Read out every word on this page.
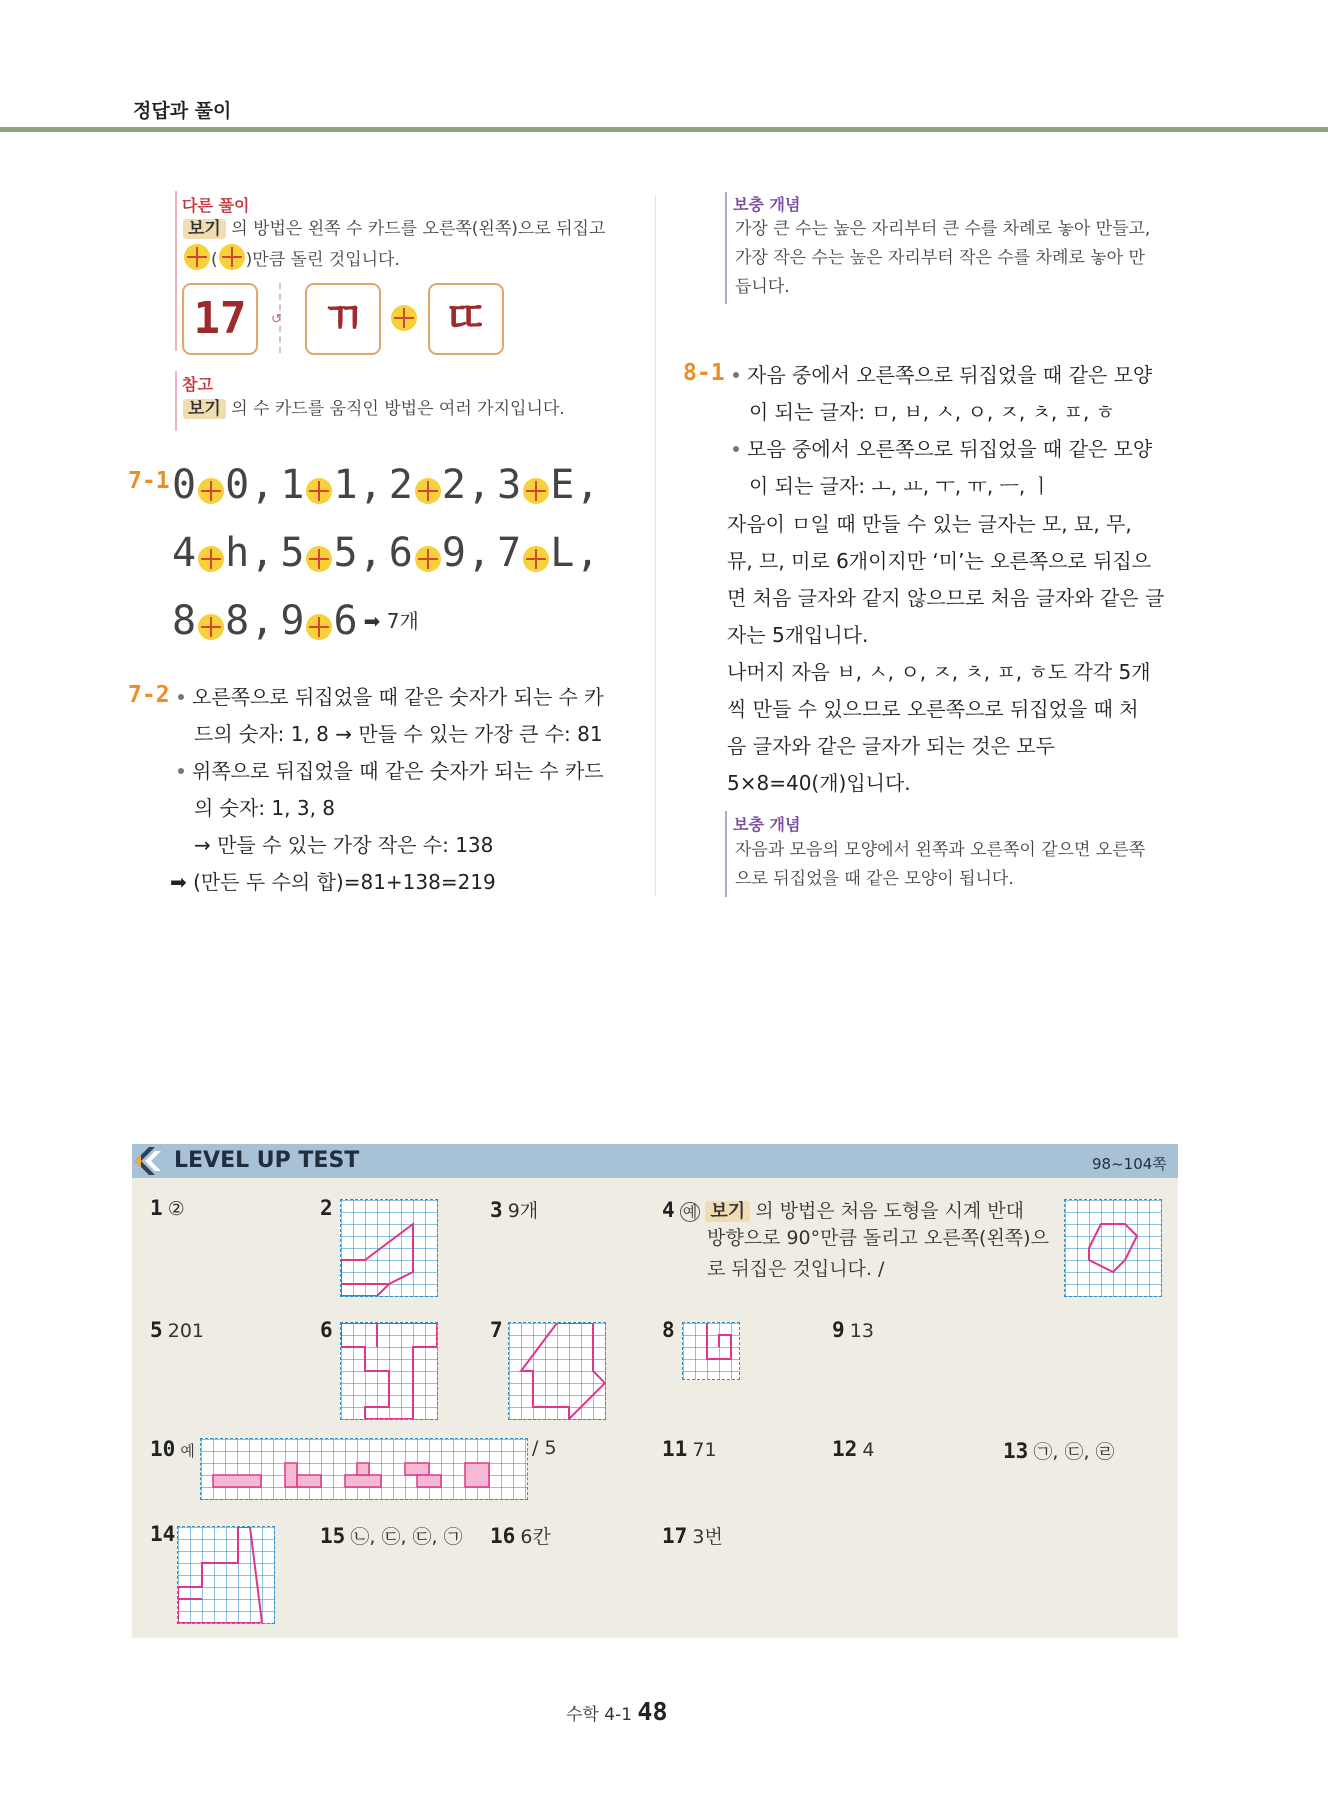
정답과 풀이
다른 풀이
보기 의 방법은 왼쪽 수 카드를 오른쪽(왼쪽)으로 뒤집고
( )만큼 돌린 것입니다.
17	↺ ㄲ	ㄸ
참고
보기 의 수 카드를 움직인 방법은 여러 가지입니다.
7-1 0 0, 1 1, 2 2, 3 E,
4 h, 5 5, 6 9, 7 L,
8 8, 9 6 ➡ 7개
7-2	오른쪽으로 뒤집었을 때 같은 숫자가 되는 수 카
드의 숫자: 1, 8 → 만들 수 있는 가장 큰 수: 81
위쪽으로 뒤집었을 때 같은 숫자가 되는 수 카드
의 숫자: 1, 3, 8
→ 만들 수 있는 가장 작은 수: 138
➡ (만든 두 수의 합)=81+138=219
보충 개념
가장 큰 수는 높은 자리부터 큰 수를 차례로 놓아 만들고,
가장 작은 수는 높은 자리부터 작은 수를 차례로 놓아 만
듭니다.
8-1	자음 중에서 오른쪽으로 뒤집었을 때 같은 모양
이 되는 글자: ㅁ, ㅂ, ㅅ, ㅇ, ㅈ, ㅊ, ㅍ, ㅎ
모음 중에서 오른쪽으로 뒤집었을 때 같은 모양
이 되는 글자: ㅗ, ㅛ, ㅜ, ㅠ, ㅡ, ㅣ
자음이 ㅁ일 때 만들 수 있는 글자는 모, 묘, 무,
뮤, 므, 미로 6개이지만 ‘미’는 오른쪽으로 뒤집으
면 처음 글자와 같지 않으므로 처음 글자와 같은 글
자는 5개입니다.
나머지 자음 ㅂ, ㅅ, ㅇ, ㅈ, ㅊ, ㅍ, ㅎ도 각각 5개
씩 만들 수 있으므로 오른쪽으로 뒤집었을 때 처
음 글자와 같은 글자가 되는 것은 모두
5×8=40(개)입니다.
보충 개념
자음과 모음의 모양에서 왼쪽과 오른쪽이 같으면 오른쪽
으로 뒤집었을 때 같은 모양이 됩니다.
LEVEL UP TEST	98~104쪽
1 ②	2	3 9개	4 예 보기 의 방법은 처음 도형을 시계 반대
방향으로 90°만큼 돌리고 오른쪽(왼쪽)으
로 뒤집은 것입니다. /
5 201	6	7	8	9 13
10 예	/ 5	11 71	12 4	13 ㉠, ㉢, ㉣
14	15 ㉡, ㉢, ㉢, ㉠ 16 6칸	17 3번
수학 4-1 48
